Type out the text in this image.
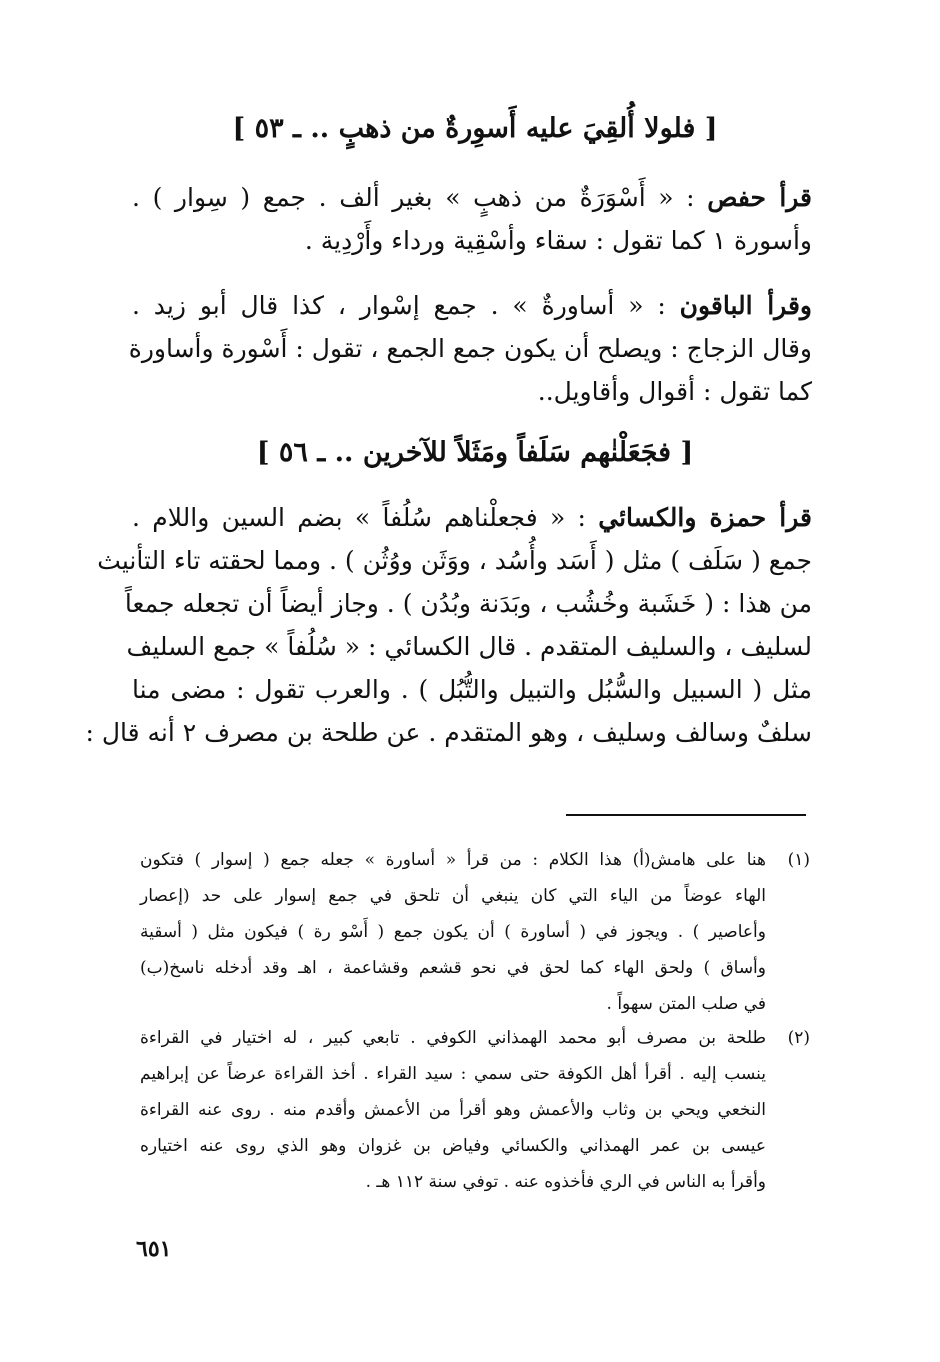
[ فلولا أُلقِيَ عليه أَسوِرةٌ من ذهبٍ .. ـ ٥٣ ]
قرأ حفص : « أَسْوَرَةٌ من ذهبٍ » بغير ألف . جمع ( سِوار ) .
وأسورة ١ كما تقول : سقاء وأسْقِية ورداء وأَرْدِية .
وقرأ الباقون : « أساورةٌ » . جمع إسْوار ، كذا قال أبو زيد .
وقال الزجاج : ويصلح أن يكون جمع الجمع ، تقول : أَسْورة وأساورة
كما تقول : أقوال وأقاويل..
[ فجَعَلْنٰهم سَلَفاً ومَثَلاً للآخرين .. ـ ٥٦ ]
قرأ حمزة والكسائي : « فجعلْناهم سُلُفاً » بضم السين واللام .
جمع ( سَلَف ) مثل ( أَسَد وأُسُد ، ووَثَن ووُثُن ) . ومما لحقته تاء التأنيث
من هذا : ( خَشَبة وخُشُب ، وبَدَنة وبُدُن ) . وجاز أيضاً أن تجعله جمعاً
لسليف ، والسليف المتقدم . قال الكسائي : « سُلُفاً » جمع السليف
مثل ( السبيل والسُّبُل والتبيل والتُّبُل ) . والعرب تقول : مضى منا
سلفٌ وسالف وسليف ، وهو المتقدم . عن طلحة بن مصرف ٢ أنه قال :
(١)
هنا على هامش(أ) هذا الكلام : من قرأ « أساورة » جعله جمع ( إسوار ) فتكون
الهاء عوضاً من الياء التي كان ينبغي أن تلحق في جمع إسوار على حد (إعصار
وأعاصير ) . ويجوز في ( أساورة ) أن يكون جمع ( أَسْو رة ) فيكون مثل ( أسقية
وأساق ) ولحق الهاء كما لحق في نحو قشعم وقشاعمة ، اهـ وقد أدخله ناسخ(ب)
في صلب المتن سهواً .
(٢)
طلحة بن مصرف أبو محمد الهمذاني الكوفي . تابعي كبير ، له اختيار في القراءة
ينسب إليه . أقرأ أهل الكوفة حتى سمي : سيد القراء . أخذ القراءة عرضاً عن إبراهيم
النخعي ويحي بن وثاب والأعمش وهو أقرأ من الأعمش وأقدم منه . روى عنه القراءة
عيسى بن عمر الهمذاني والكسائي وفياض بن غزوان وهو الذي روى عنه اختياره
وأقرأ به الناس في الري فأخذوه عنه . توفي سنة ١١٢ هـ .
٦٥١
